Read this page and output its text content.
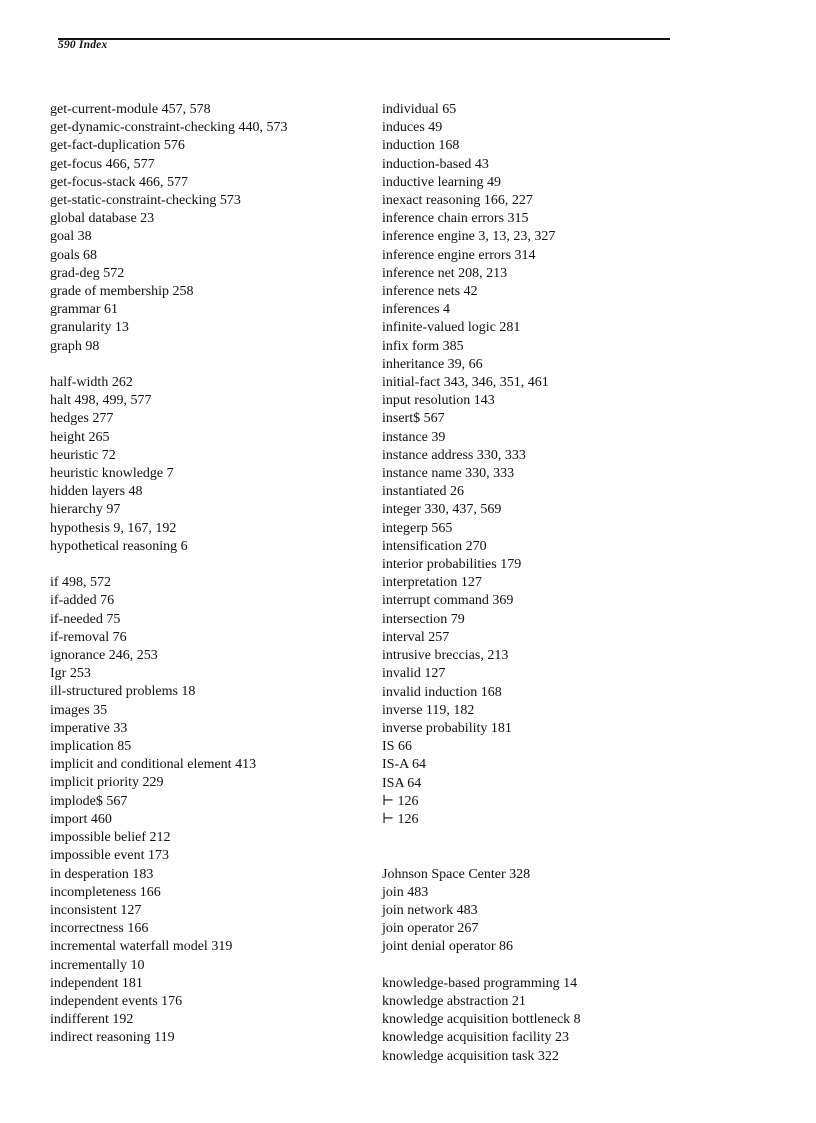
590 Index
get-current-module 457, 578
get-dynamic-constraint-checking 440, 573
get-fact-duplication 576
get-focus 466, 577
get-focus-stack 466, 577
get-static-constraint-checking 573
global database 23
goal 38
goals 68
grad-deg 572
grade of membership 258
grammar 61
granularity 13
graph 98
half-width 262
halt 498, 499, 577
hedges 277
height 265
heuristic 72
heuristic knowledge 7
hidden layers 48
hierarchy 97
hypothesis 9, 167, 192
hypothetical reasoning 6
if 498, 572
if-added 76
if-needed 75
if-removal 76
ignorance 246, 253
Igr 253
ill-structured problems 18
images 35
imperative 33
implication 85
implicit and conditional element 413
implicit priority 229
implode$ 567
import 460
impossible belief 212
impossible event 173
in desperation 183
incompleteness 166
inconsistent 127
incorrectness 166
incremental waterfall model 319
incrementally 10
independent 181
independent events 176
indifferent 192
indirect reasoning 119
individual 65
induces 49
induction 168
induction-based 43
inductive learning 49
inexact reasoning 166, 227
inference chain errors 315
inference engine 3, 13, 23, 327
inference engine errors 314
inference net 208, 213
inference nets 42
inferences 4
infinite-valued logic 281
infix form 385
inheritance 39, 66
initial-fact 343, 346, 351, 461
input resolution 143
insert$ 567
instance 39
instance address 330, 333
instance name 330, 333
instantiated 26
integer 330, 437, 569
integerp 565
intensification 270
interior probabilities 179
interpretation 127
interrupt command 369
intersection 79
interval 257
intrusive breccias, 213
invalid 127
invalid induction 168
inverse 119, 182
inverse probability 181
IS 66
IS-A 64
ISA 64
⊢ 126
⊢ 126
Johnson Space Center 328
join 483
join network 483
join operator 267
joint denial operator 86
knowledge-based programming 14
knowledge abstraction 21
knowledge acquisition bottleneck 8
knowledge acquisition facility 23
knowledge acquisition task 322
